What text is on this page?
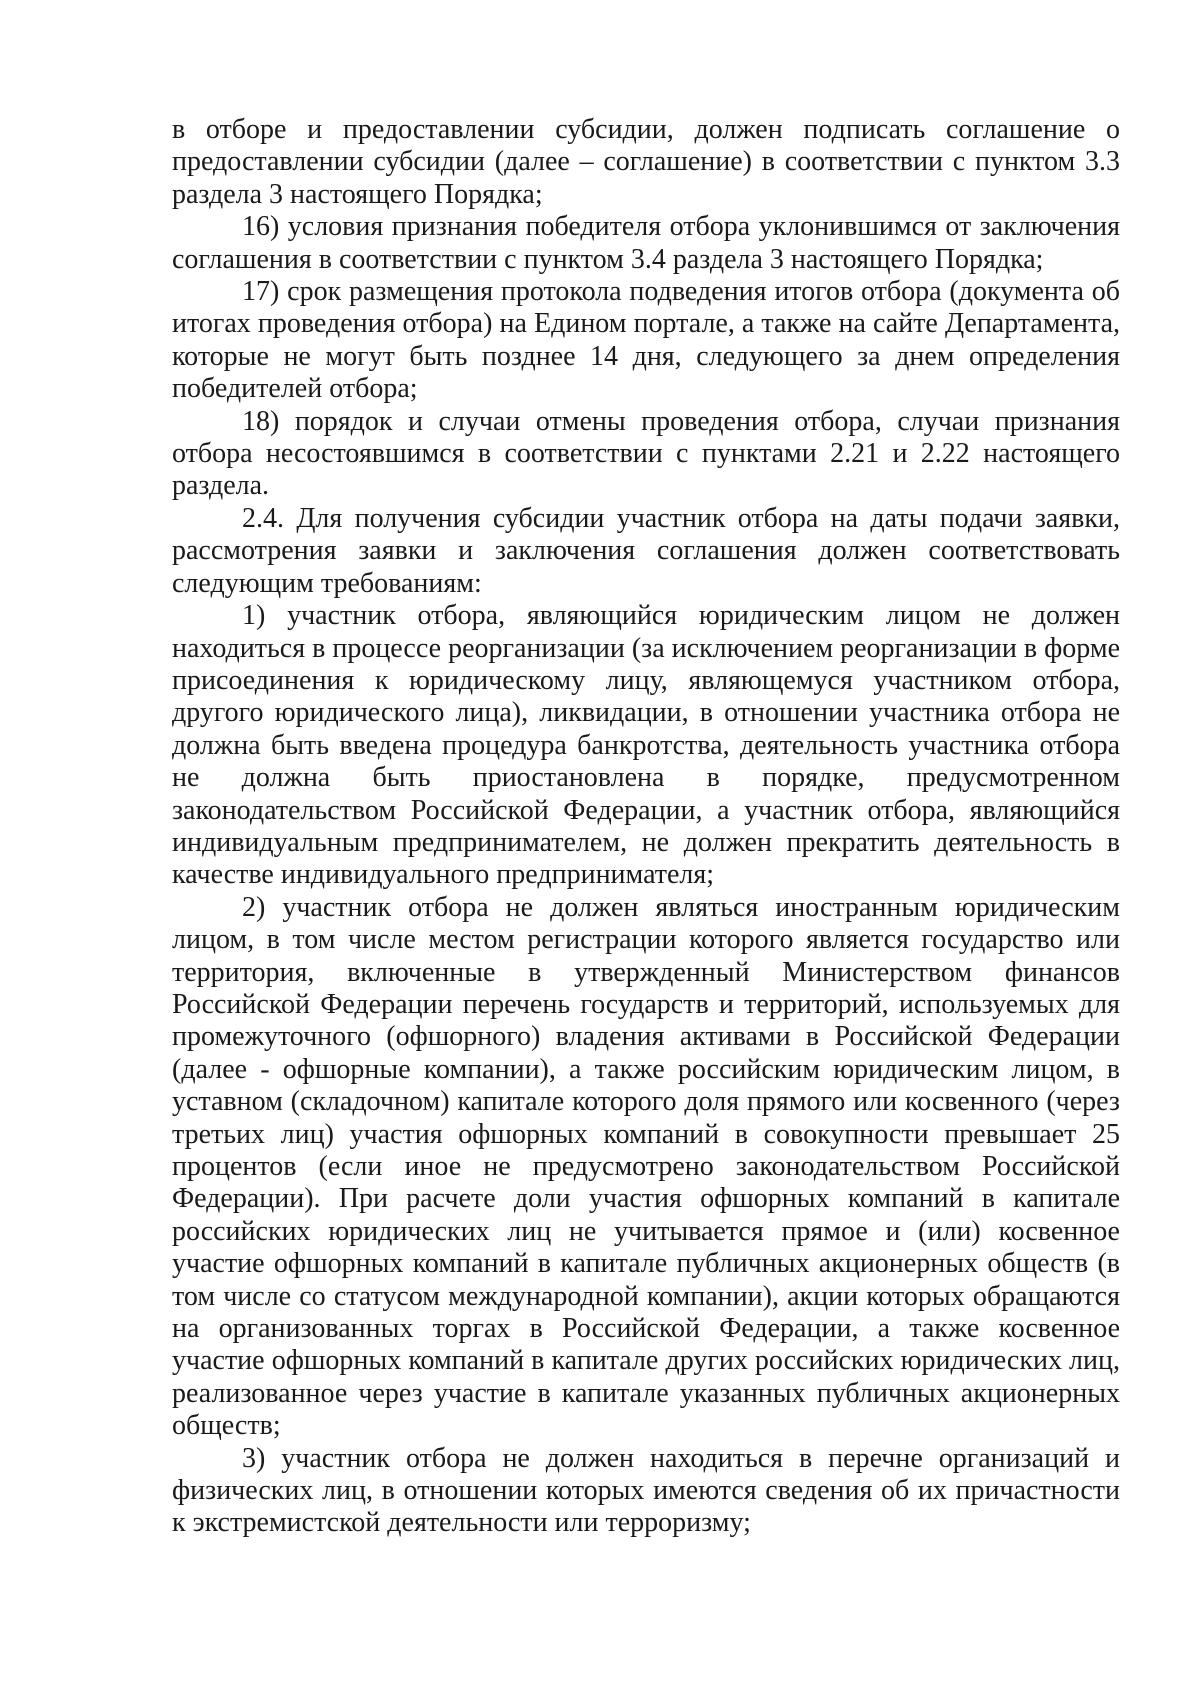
в отборе и предоставлении субсидии, должен подписать соглашение о предоставлении субсидии (далее – соглашение) в соответствии с пунктом 3.3 раздела 3 настоящего Порядка;

16) условия признания победителя отбора уклонившимся от заключения соглашения в соответствии с пунктом 3.4 раздела 3 настоящего Порядка;

17) срок размещения протокола подведения итогов отбора (документа об итогах проведения отбора) на Едином портале, а также на сайте Департамента, которые не могут быть позднее 14 дня, следующего за днем определения победителей отбора;

18) порядок и случаи отмены проведения отбора, случаи признания отбора несостоявшимся в соответствии с пунктами 2.21 и 2.22 настоящего раздела.

2.4. Для получения субсидии участник отбора на даты подачи заявки, рассмотрения заявки и заключения соглашения должен соответствовать следующим требованиям:

1) участник отбора, являющийся юридическим лицом не должен находиться в процессе реорганизации (за исключением реорганизации в форме присоединения к юридическому лицу, являющемуся участником отбора, другого юридического лица), ликвидации, в отношении участника отбора не должна быть введена процедура банкротства, деятельность участника отбора не должна быть приостановлена в порядке, предусмотренном законодательством Российской Федерации, а участник отбора, являющийся индивидуальным предпринимателем, не должен прекратить деятельность в качестве индивидуального предпринимателя;

2) участник отбора не должен являться иностранным юридическим лицом, в том числе местом регистрации которого является государство или территория, включенные в утвержденный Министерством финансов Российской Федерации перечень государств и территорий, используемых для промежуточного (офшорного) владения активами в Российской Федерации (далее - офшорные компании), а также российским юридическим лицом, в уставном (складочном) капитале которого доля прямого или косвенного (через третьих лиц) участия офшорных компаний в совокупности превышает 25 процентов (если иное не предусмотрено законодательством Российской Федерации). При расчете доли участия офшорных компаний в капитале российских юридических лиц не учитывается прямое и (или) косвенное участие офшорных компаний в капитале публичных акционерных обществ (в том числе со статусом международной компании), акции которых обращаются на организованных торгах в Российской Федерации, а также косвенное участие офшорных компаний в капитале других российских юридических лиц, реализованное через участие в капитале указанных публичных акционерных обществ;

3) участник отбора не должен находиться в перечне организаций и физических лиц, в отношении которых имеются сведения об их причастности к экстремистской деятельности или терроризму;
